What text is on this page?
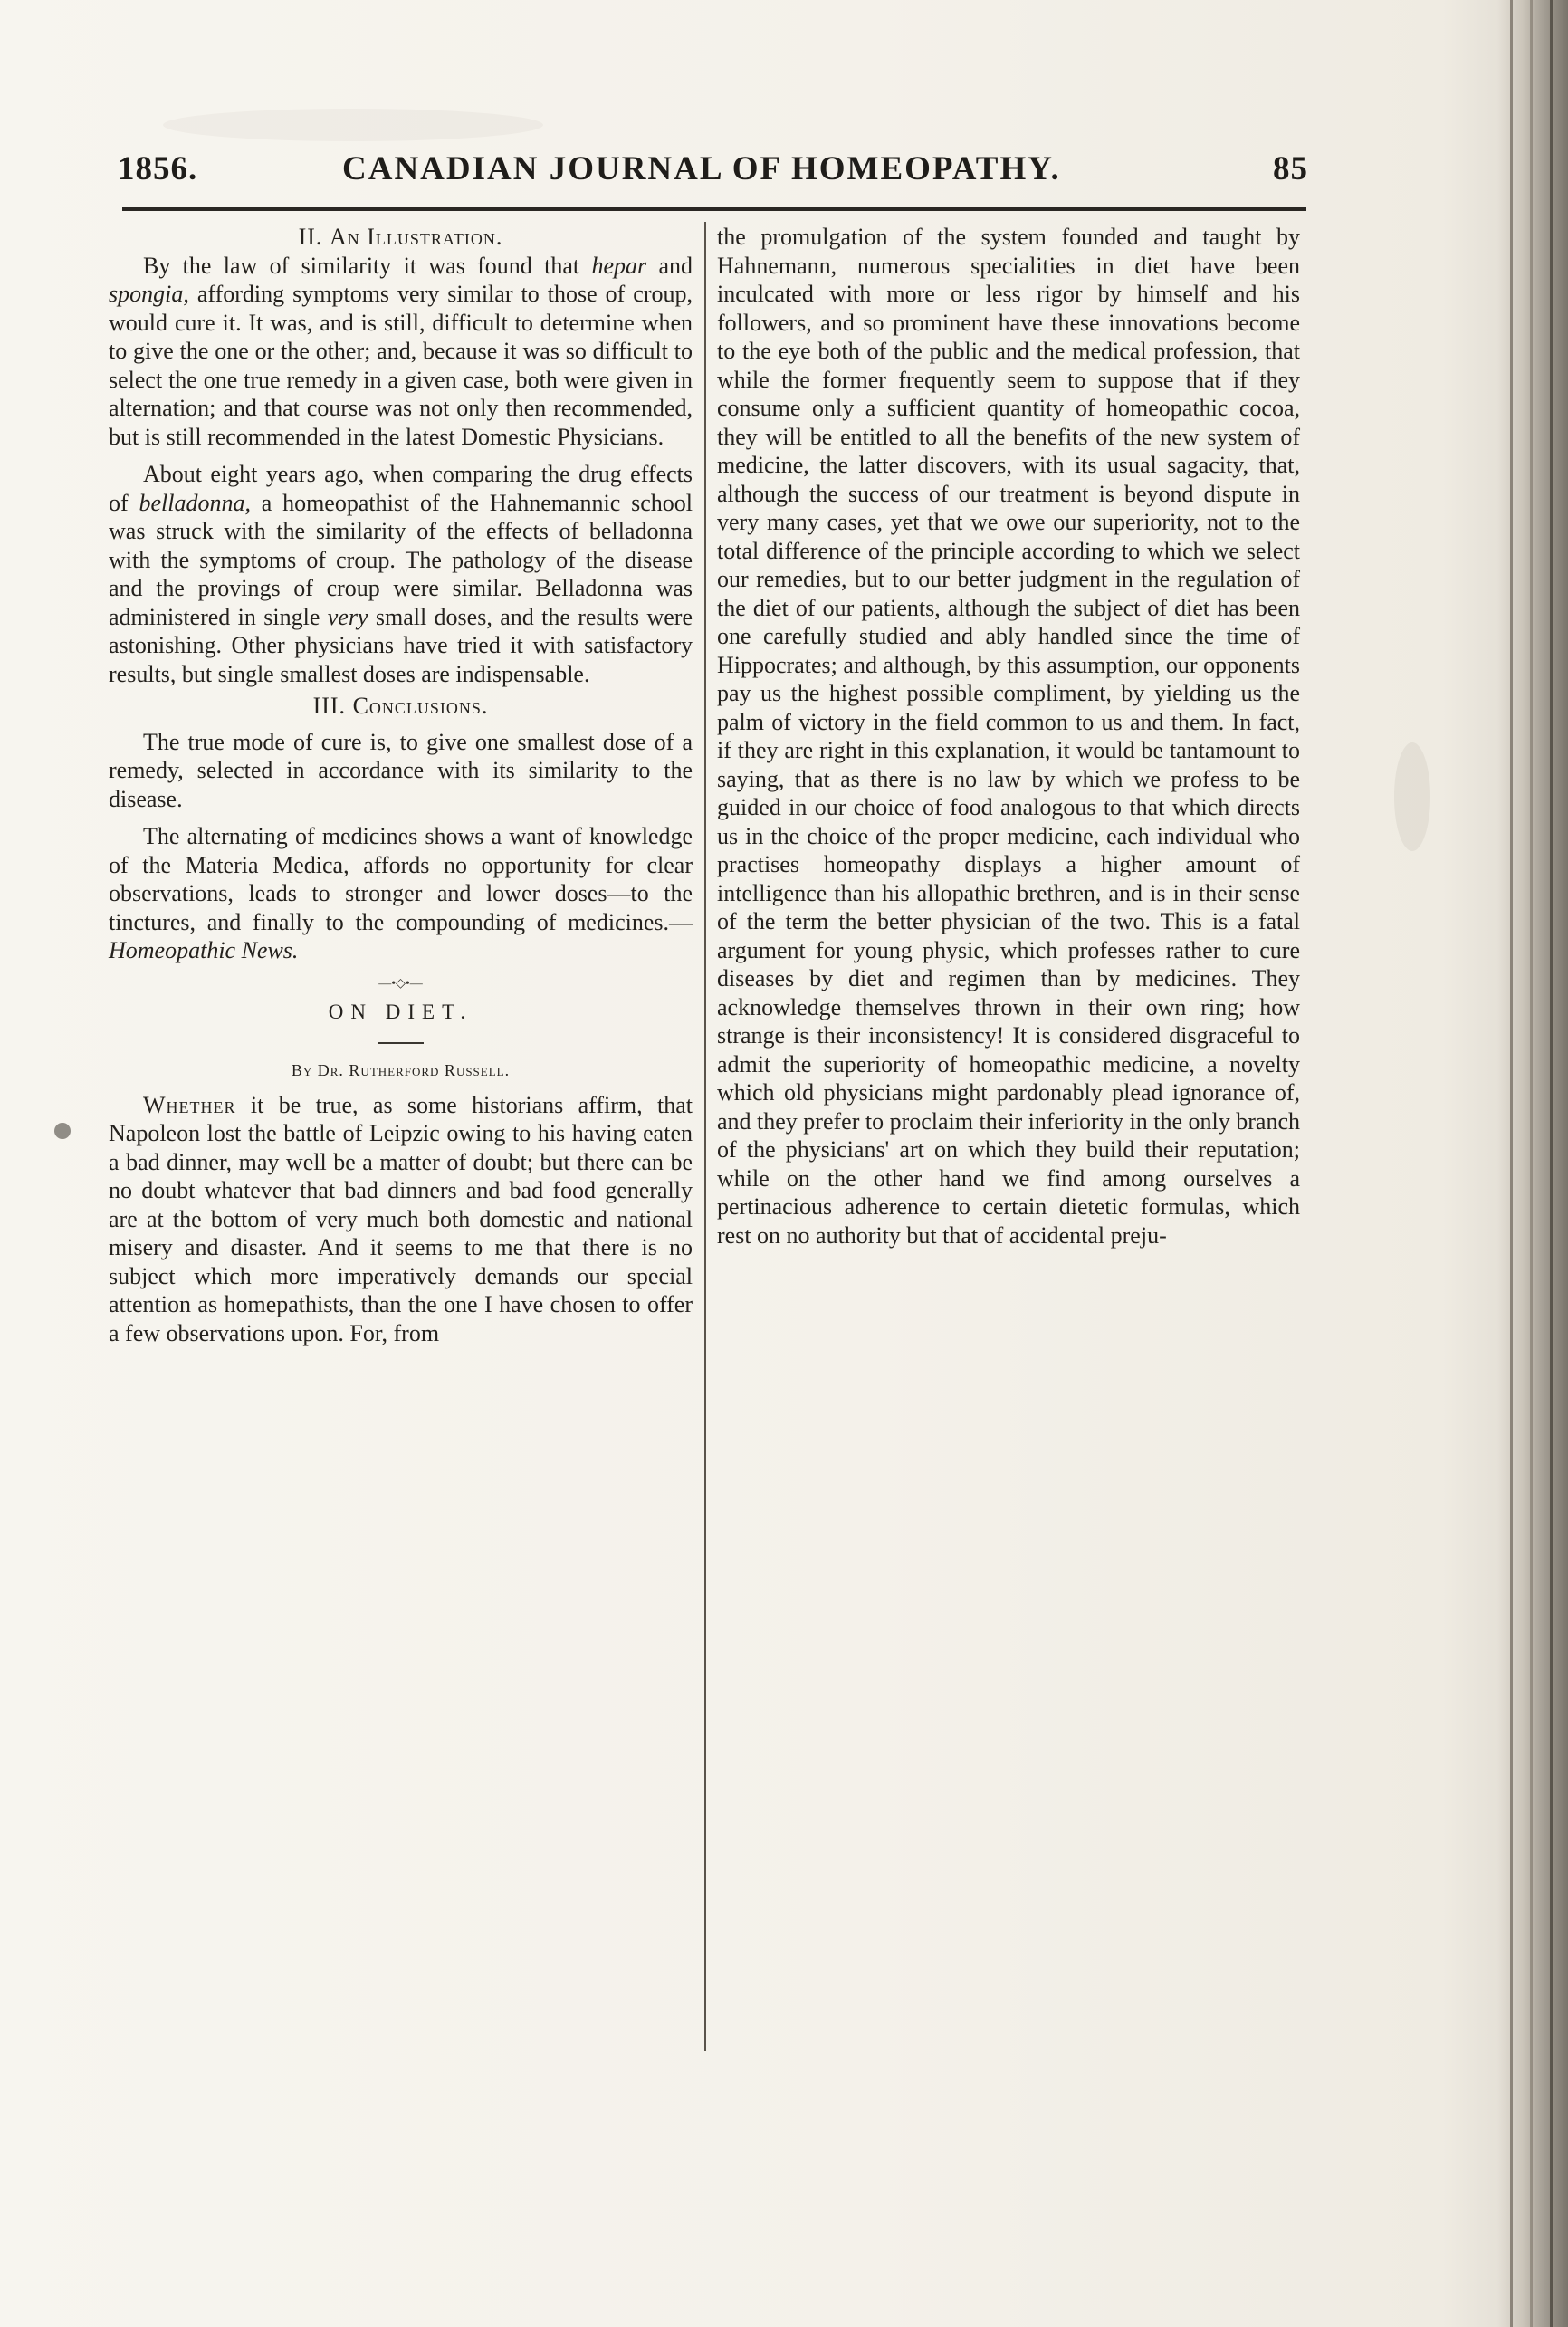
1856.	CANADIAN JOURNAL OF HOMEOPATHY.	85
II. An Illustration.

By the law of similarity it was found that hepar and spongia, affording symptoms very similar to those of croup, would cure it. It was, and is still, difficult to determine when to give the one or the other; and, because it was so difficult to select the one true remedy in a given case, both were given in alternation; and that course was not only then recommended, but is still recommended in the latest Domestic Physicians.

About eight years ago, when comparing the drug effects of belladonna, a homeopathist of the Hahnemannic school was struck with the similarity of the effects of belladonna with the symptoms of croup. The pathology of the disease and the provings of croup were similar. Belladonna was administered in single very small doses, and the results were astonishing. Other physicians have tried it with satisfactory results, but single smallest doses are indispensable.

III. Conclusions.

The true mode of cure is, to give one smallest dose of a remedy, selected in accordance with its similarity to the disease.

The alternating of medicines shows a want of knowledge of the Materia Medica, affords no opportunity for clear observations, leads to stronger and lower doses—to the tinctures, and finally to the compounding of medicines.—Homeopathic News.

—•◇•—
ON DIET.
By Dr. Rutherford Russell.

Whether it be true, as some historians affirm, that Napoleon lost the battle of Leipzic owing to his having eaten a bad dinner, may well be a matter of doubt; but there can be no doubt whatever that bad dinners and bad food generally are at the bottom of very much both domestic and national misery and disaster. And it seems to me that there is no subject which more imperatively demands our special attention as homepathists, than the one I have chosen to offer a few observations upon. For, from

the promulgation of the system founded and taught by Hahnemann, numerous specialities in diet have been inculcated with more or less rigor by himself and his followers, and so prominent have these innovations become to the eye both of the public and the medical profession, that while the former frequently seem to suppose that if they consume only a sufficient quantity of homeopathic cocoa, they will be entitled to all the benefits of the new system of medicine, the latter discovers, with its usual sagacity, that, although the success of our treatment is beyond dispute in very many cases, yet that we owe our superiority, not to the total difference of the principle according to which we select our remedies, but to our better judgment in the regulation of the diet of our patients, although the subject of diet has been one carefully studied and ably handled since the time of Hippocrates; and although, by this assumption, our opponents pay us the highest possible compliment, by yielding us the palm of victory in the field common to us and them. In fact, if they are right in this explanation, it would be tantamount to saying, that as there is no law by which we profess to be guided in our choice of food analogous to that which directs us in the choice of the proper medicine, each individual who practises homeopathy displays a higher amount of intelligence than his allopathic brethren, and is in their sense of the term the better physician of the two. This is a fatal argument for young physic, which professes rather to cure diseases by diet and regimen than by medicines. They acknowledge themselves thrown in their own ring; how strange is their inconsistency! It is considered disgraceful to admit the superiority of homeopathic medicine, a novelty which old physicians might pardonably plead ignorance of, and they prefer to proclaim their inferiority in the only branch of the physicians' art on which they build their reputation; while on the other hand we find among ourselves a pertinacious adherence to certain dietetic formulas, which rest on no authority but that of accidental preju-
